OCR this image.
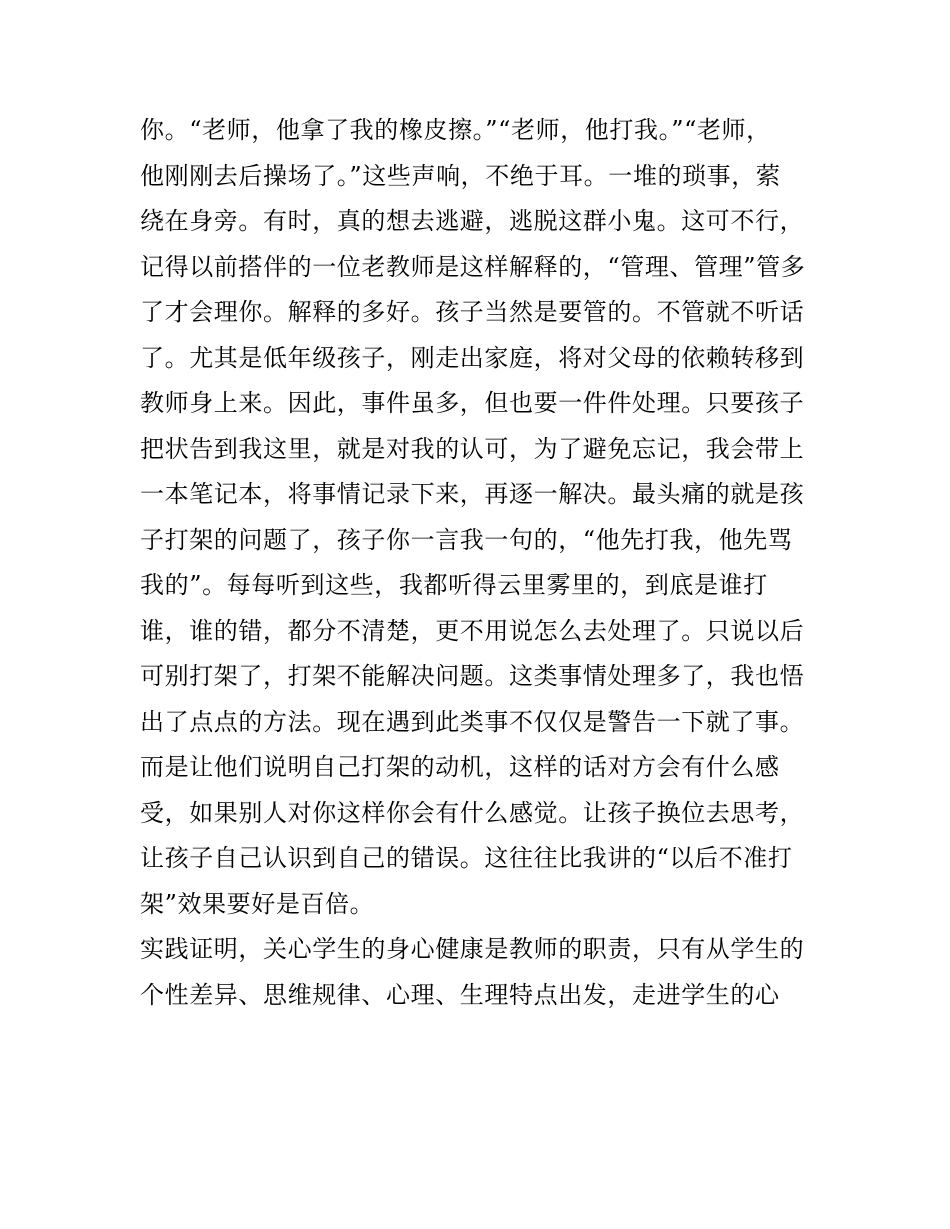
你。“老师，他拿了我的橡皮擦。”“老师，他打我。”“老师，
他刚刚去后操场了。”这些声响，不绝于耳。一堆的琐事，萦
绕在身旁。有时，真的想去逃避，逃脱这群小鬼。这可不行，
记得以前搭伴的一位老教师是这样解释的，“管理、管理”管多
了才会理你。解释的多好。孩子当然是要管的。不管就不听话
了。尤其是低年级孩子，刚走出家庭，将对父母的依赖转移到
教师身上来。因此，事件虽多，但也要一件件处理。只要孩子
把状告到我这里，就是对我的认可，为了避免忘记，我会带上
一本笔记本，将事情记录下来，再逐一解决。最头痛的就是孩
子打架的问题了，孩子你一言我一句的，“他先打我，他先骂
我的”。每每听到这些，我都听得云里雾里的，到底是谁打
谁，谁的错，都分不清楚，更不用说怎么去处理了。只说以后
可别打架了，打架不能解决问题。这类事情处理多了，我也悟
出了点点的方法。现在遇到此类事不仅仅是警告一下就了事。
而是让他们说明自己打架的动机，这样的话对方会有什么感
受，如果别人对你这样你会有什么感觉。让孩子换位去思考，
让孩子自己认识到自己的错误。这往往比我讲的“以后不准打
架”效果要好是百倍。
实践证明，关心学生的身心健康是教师的职责，只有从学生的
个性差异、思维规律、心理、生理特点出发，走进学生的心
